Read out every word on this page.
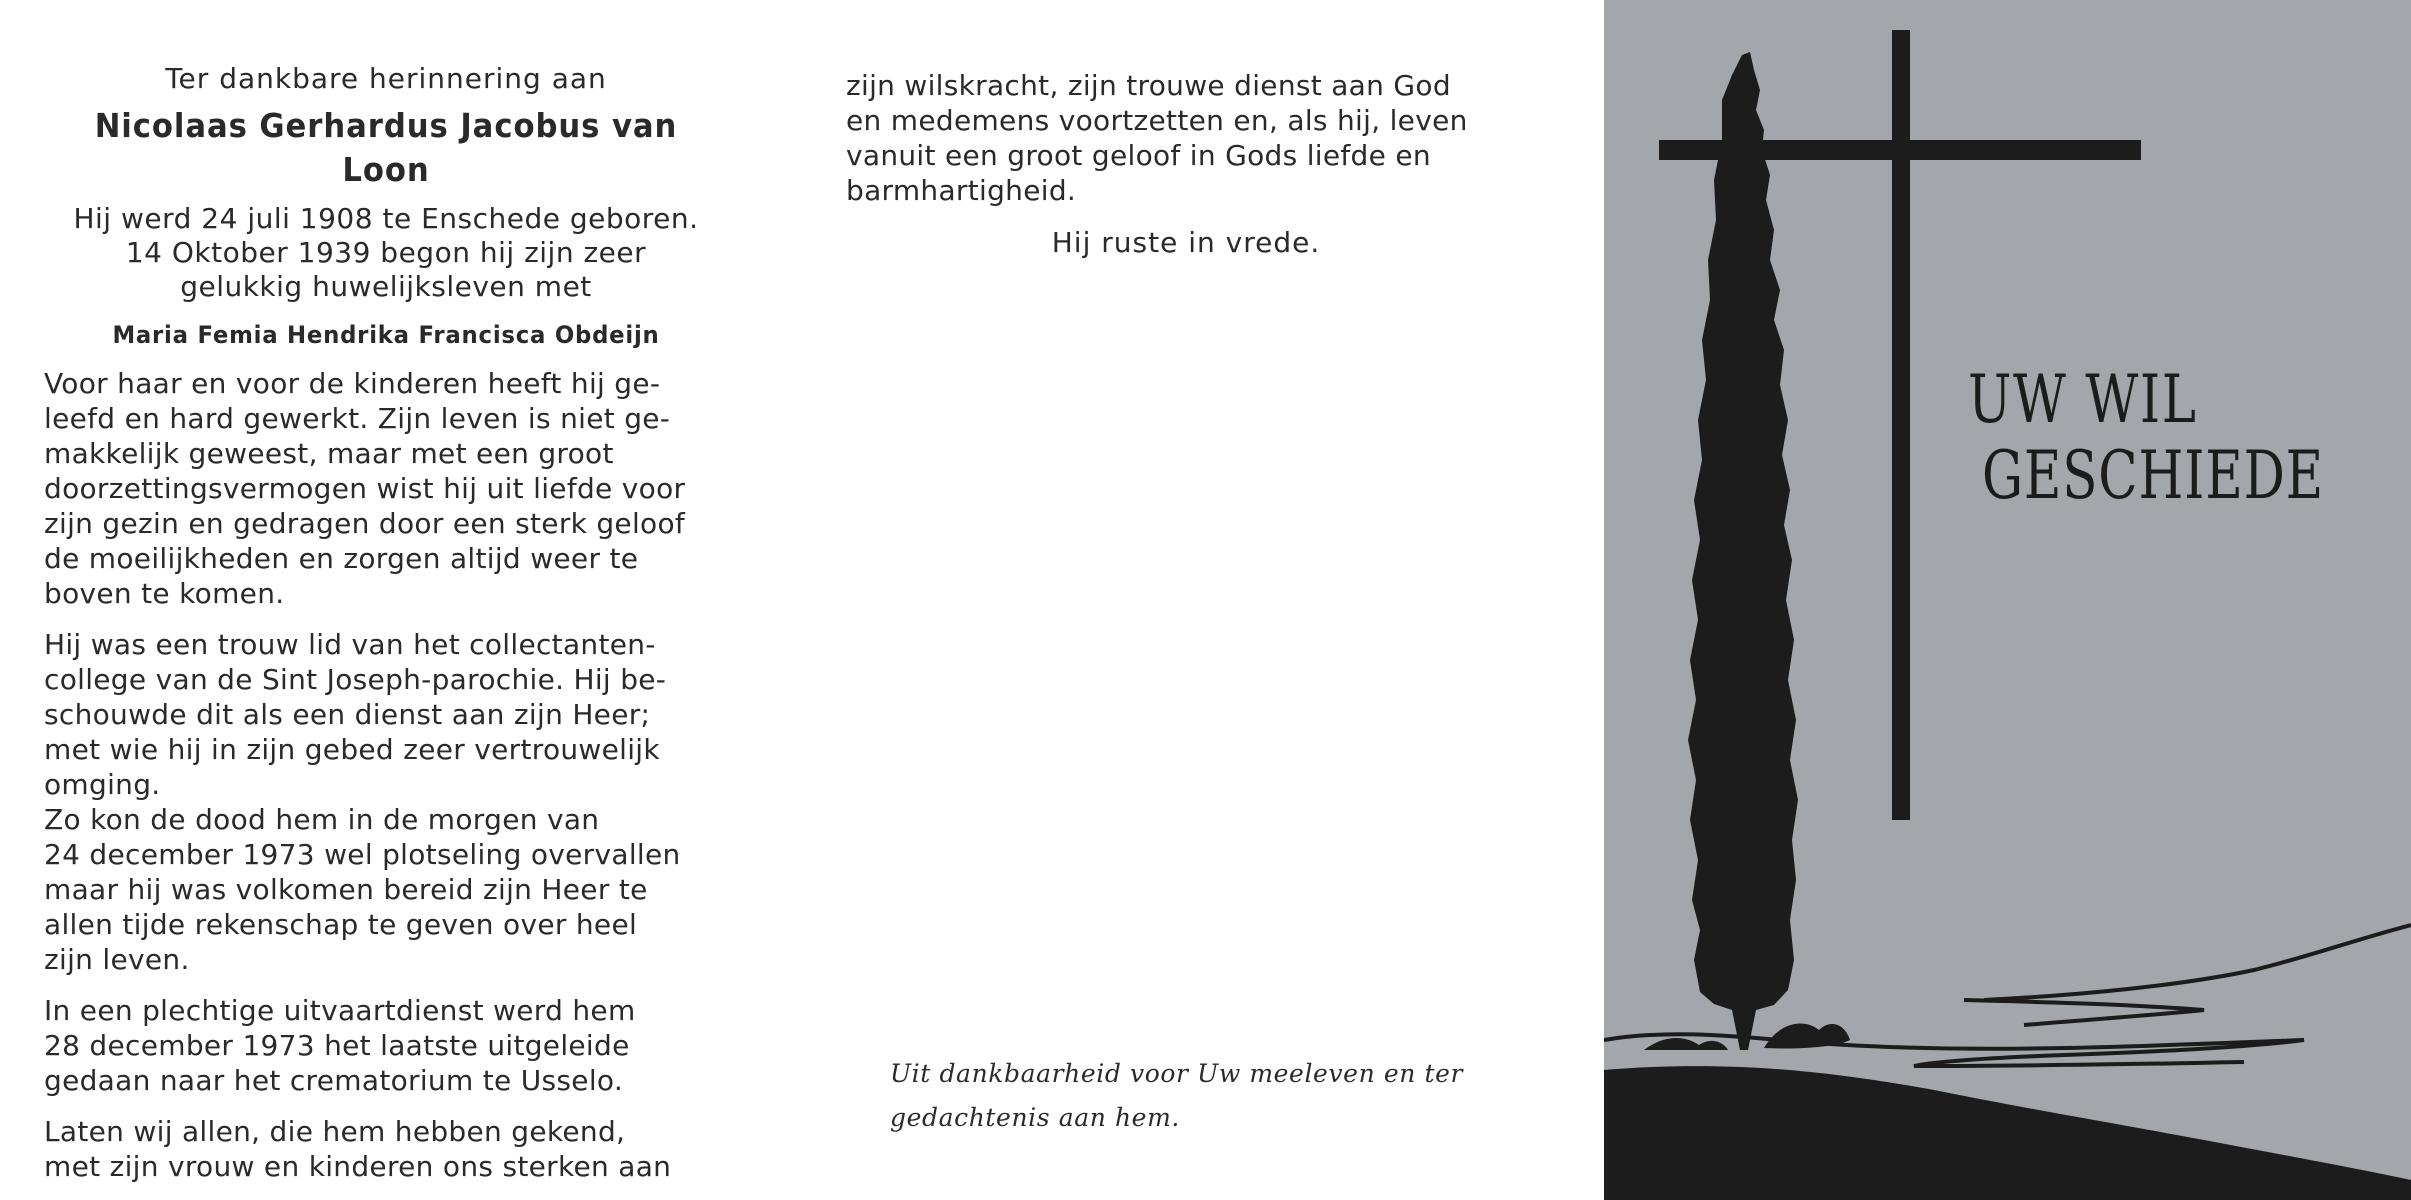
Ter dankbare herinnering aan

Nicolaas Gerhardus Jacobus van Loon

Hij werd 24 juli 1908 te Enschede geboren.

14 Oktober 1939 begon hij zijn zeer

gelukkig huwelijksleven met

Maria Femia Hendrika Francisca Obdeijn

Voor haar en voor de kinderen heeft hij ge-

leefd en hard gewerkt. Zijn leven is niet ge-

makkelijk geweest, maar met een groot

doorzettingsvermogen wist hij uit liefde voor

zijn gezin en gedragen door een sterk geloof

de moeilijkheden en zorgen altijd weer te

boven te komen.

Hij was een trouw lid van het collectanten-

college van de Sint Joseph-parochie. Hij be-

schouwde dit als een dienst aan zijn Heer;

met wie hij in zijn gebed zeer vertrouwelijk

omging.

Zo kon de dood hem in de morgen van

24 december 1973 wel plotseling overvallen

maar hij was volkomen bereid zijn Heer te

allen tijde rekenschap te geven over heel

zijn leven.

In een plechtige uitvaartdienst werd hem

28 december 1973 het laatste uitgeleide

gedaan naar het crematorium te Usselo.

Laten wij allen, die hem hebben gekend,

met zijn vrouw en kinderen ons sterken aan

zijn wilskracht, zijn trouwe dienst aan God

en medemens voortzetten en, als hij, leven

vanuit een groot geloof in Gods liefde en

barmhartigheid.

Hij ruste in vrede.

Uit dankbaarheid voor Uw meeleven en ter
gedachtenis aan hem.
UW WIL
GESCHIEDE
